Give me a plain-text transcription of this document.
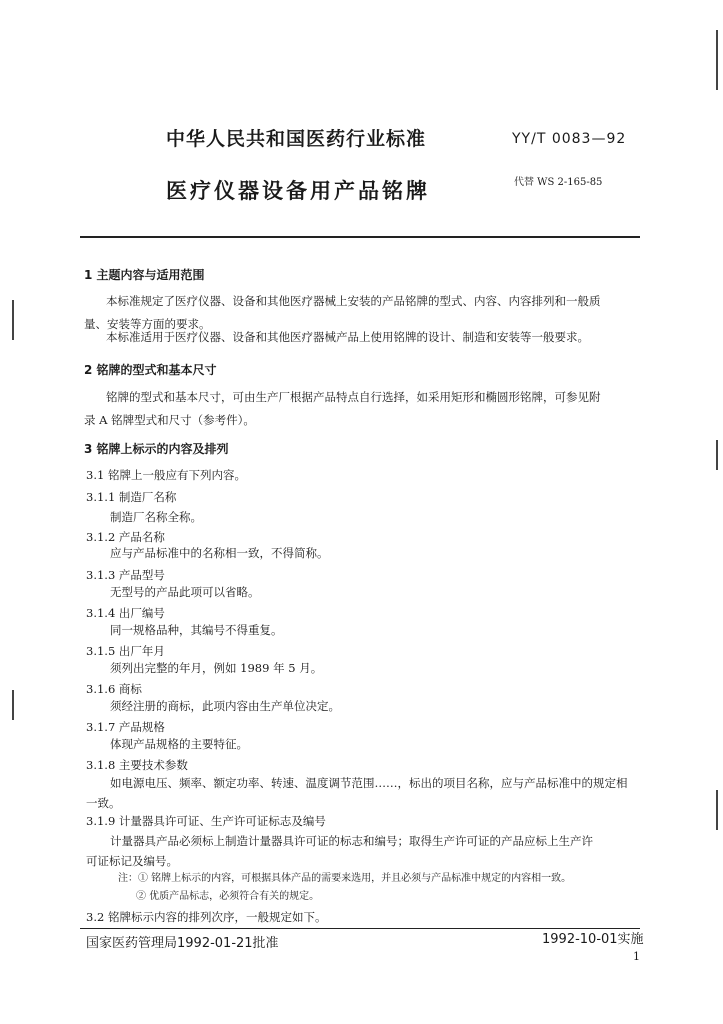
中华人民共和国医药行业标准	YY/T 0083—92
医疗仪器设备用产品铭牌	代替 WS 2-165-85
1 主题内容与适用范围
本标准规定了医疗仪器、设备和其他医疗器械上安装的产品铭牌的型式、内容、内容排列和一般质
量、安装等方面的要求。
本标准适用于医疗仪器、设备和其他医疗器械产品上使用铭牌的设计、制造和安装等一般要求。
2 铭牌的型式和基本尺寸
铭牌的型式和基本尺寸，可由生产厂根据产品特点自行选择，如采用矩形和椭圆形铭牌，可参见附
录 A 铭牌型式和尺寸（参考件）。
3 铭牌上标示的内容及排列
3.1 铭牌上一般应有下列内容。
3.1.1 制造厂名称
制造厂名称全称。
3.1.2 产品名称
应与产品标准中的名称相一致，不得简称。
3.1.3 产品型号
无型号的产品此项可以省略。
3.1.4 出厂编号
同一规格品种，其编号不得重复。
3.1.5 出厂年月
须列出完整的年月，例如 1989 年 5 月。
3.1.6 商标
须经注册的商标，此项内容由生产单位决定。
3.1.7 产品规格
体现产品规格的主要特征。
3.1.8 主要技术参数
如电源电压、频率、额定功率、转速、温度调节范围……，标出的项目名称，应与产品标准中的规定相
一致。
3.1.9 计量器具许可证、生产许可证标志及编号
计量器具产品必须标上制造计量器具许可证的标志和编号；取得生产许可证的产品应标上生产许
可证标记及编号。
注：① 铭牌上标示的内容，可根据具体产品的需要来选用，并且必须与产品标准中规定的内容相一致。
② 优质产品标志，必须符合有关的规定。
3.2 铭牌标示内容的排列次序，一般规定如下。
国家医药管理局1992-01-21批准	1992-10-01实施
1
